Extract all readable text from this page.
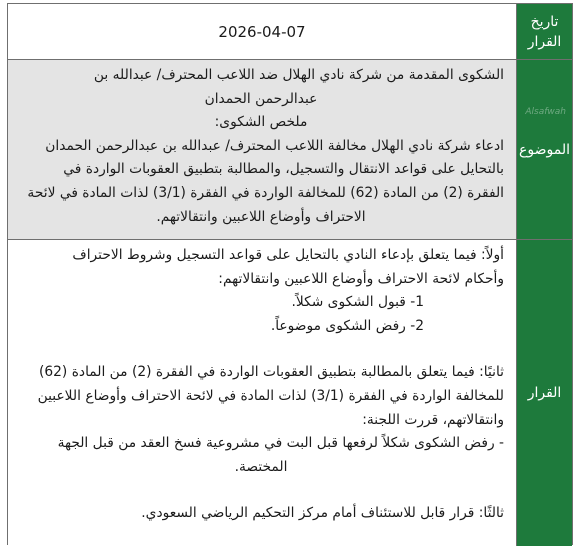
2026-04-07
تاريخ القرار

الشكوى المقدمة من شركة نادي الهلال ضد اللاعب المحترف/ عبدالله بن

عبدالرحمن الحمدان

ملخص الشكوى:

ادعاء شركة نادي الهلال مخالفة اللاعب المحترف/ عبدالله بن عبدالرحمن الحمدان

بالتحايل على قواعد الانتقال والتسجيل، والمطالبة بتطبيق العقوبات الواردة في

الفقرة (2) من المادة (62) للمخالفة الواردة في الفقرة (3/1) لذات المادة في لائحة

الاحتراف وأوضاع اللاعبين وانتقالاتهم.

الموضوع
Alsafwah

أولاً: فيما يتعلق بإدعاء النادي بالتحايل على قواعد التسجيل وشروط الاحتراف

وأحكام لائحة الاحتراف وأوضاع اللاعبين وانتقالاتهم:

1- قبول الشكوى شكلاً.

2- رفض الشكوى موضوعاً.

ثانيًا: فيما يتعلق بالمطالبة بتطبيق العقوبات الواردة في الفقرة (2) من المادة (62)

للمخالفة الواردة في الفقرة (3/1) لذات المادة في لائحة الاحتراف وأوضاع اللاعبين

وانتقالاتهم، قررت اللجنة:

- رفض الشكوى شكلاً لرفعها قبل البت في مشروعية فسخ العقد من قبل الجهة

المختصة.

ثالثًا: قرار قابل للاستئناف أمام مركز التحكيم الرياضي السعودي.

القرار
